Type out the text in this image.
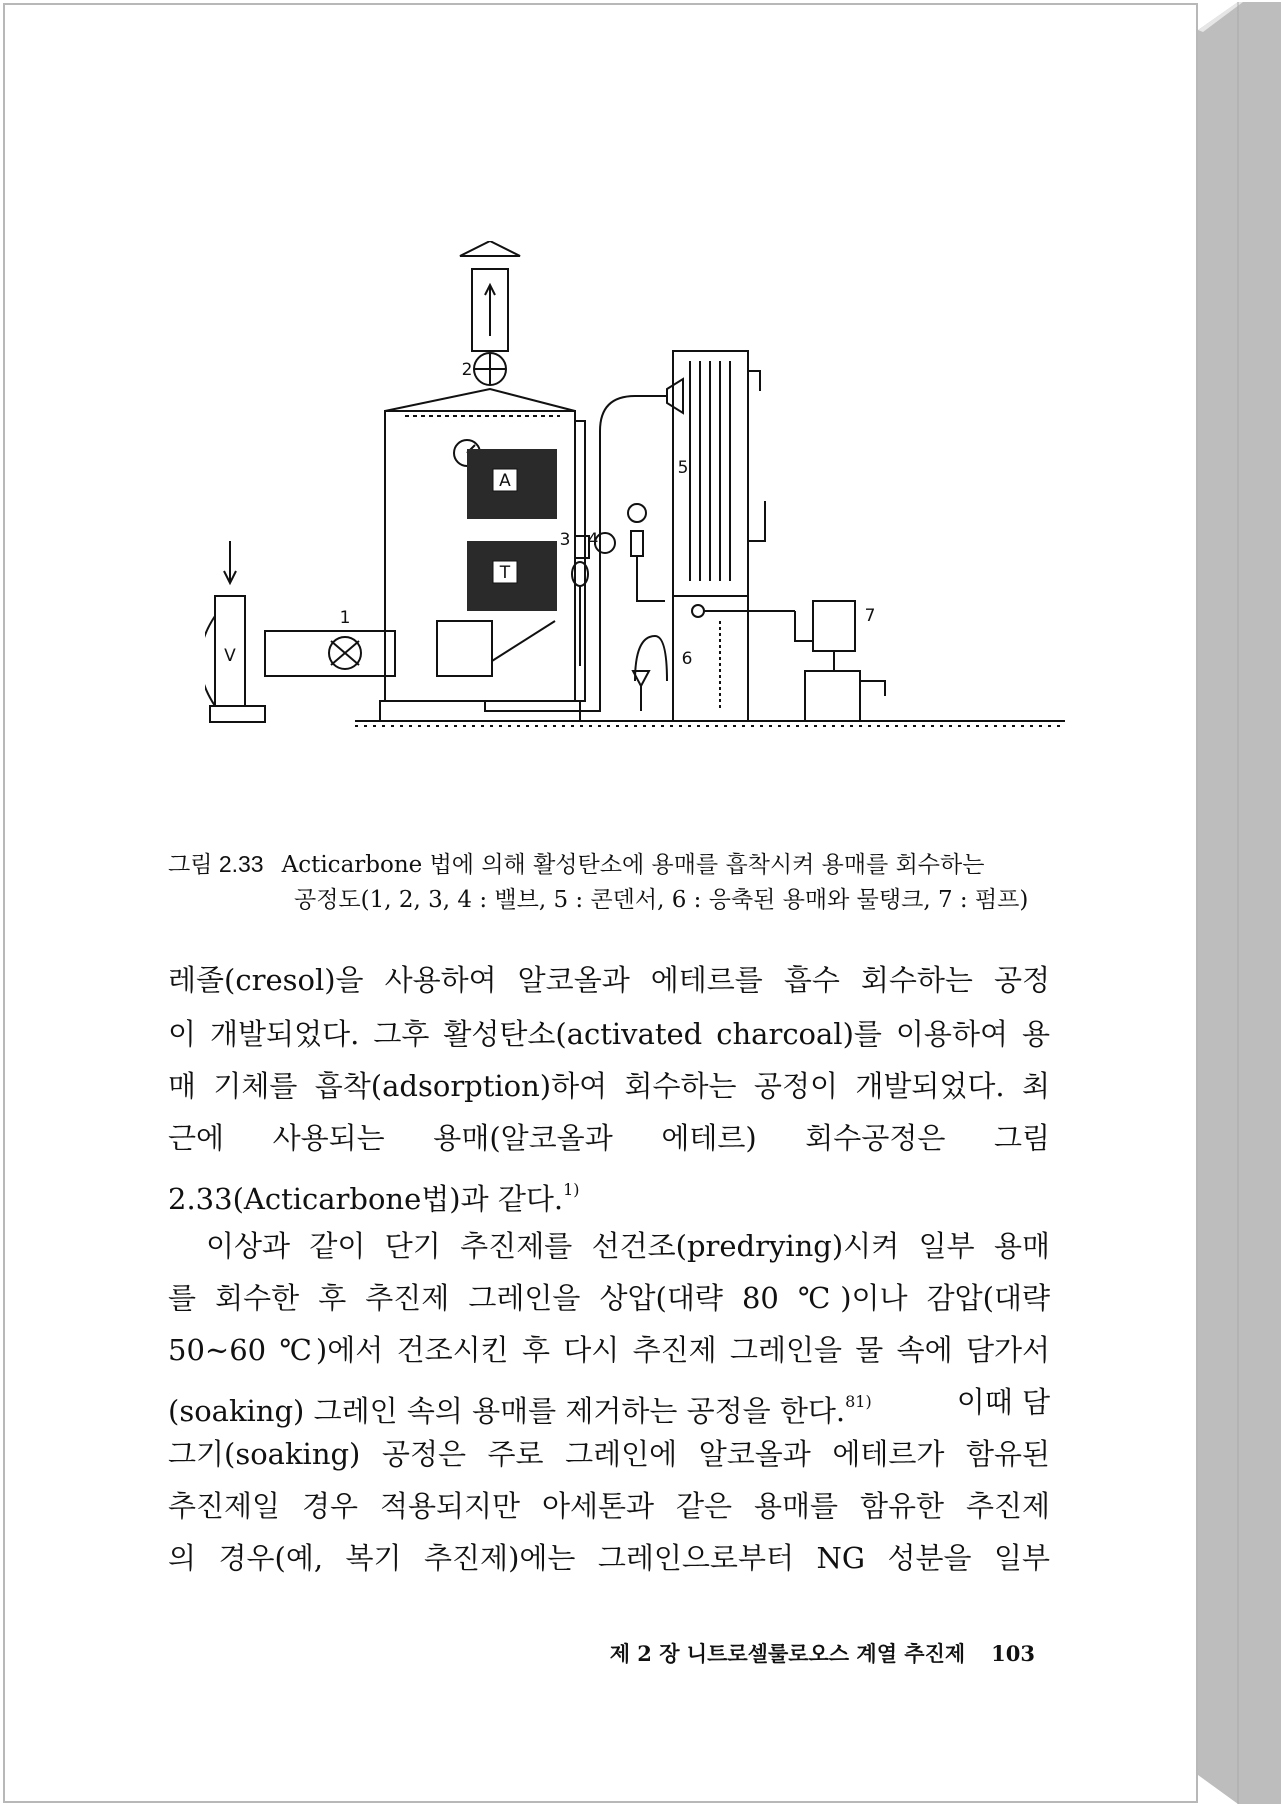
A
T
V
1
2
3 4
5
6
7
그림 2.33 Acticarbone 법에 의해 활성탄소에 용매를 흡착시켜 용매를 회수하는
공정도(1, 2, 3, 4 : 밸브, 5 : 콘덴서, 6 : 응축된 용매와 물탱크, 7 : 펌프)
레졸(cresol)을 사용하여 알코올과 에테르를 흡수 회수하는 공정
이 개발되었다. 그후 활성탄소(activated charcoal)를 이용하여 용
매 기체를 흡착(adsorption)하여 회수하는 공정이 개발되었다. 최
근에 사용되는 용매(알코올과 에테르) 회수공정은 그림
2.33(Acticarbone법)과 같다.$^{1)}$
이상과 같이 단기 추진제를 선건조(predrying)시켜 일부 용매
를 회수한 후 추진제 그레인을 상압(대략 80 ℃)이나 감압(대략
50∼60 ℃)에서 건조시킨 후 다시 추진제 그레인을 물 속에 담가서
(soaking) 그레인 속의 용매를 제거하는 공정을 한다.$^{81)}$	이때 담
그기(soaking) 공정은 주로 그레인에 알코올과 에테르가 함유된
추진제일 경우 적용되지만 아세톤과 같은 용매를 함유한 추진제
의 경우(예, 복기 추진제)에는 그레인으로부터 NG 성분을 일부
제 2 장 니트로셀룰로오스 계열 추진제 103
